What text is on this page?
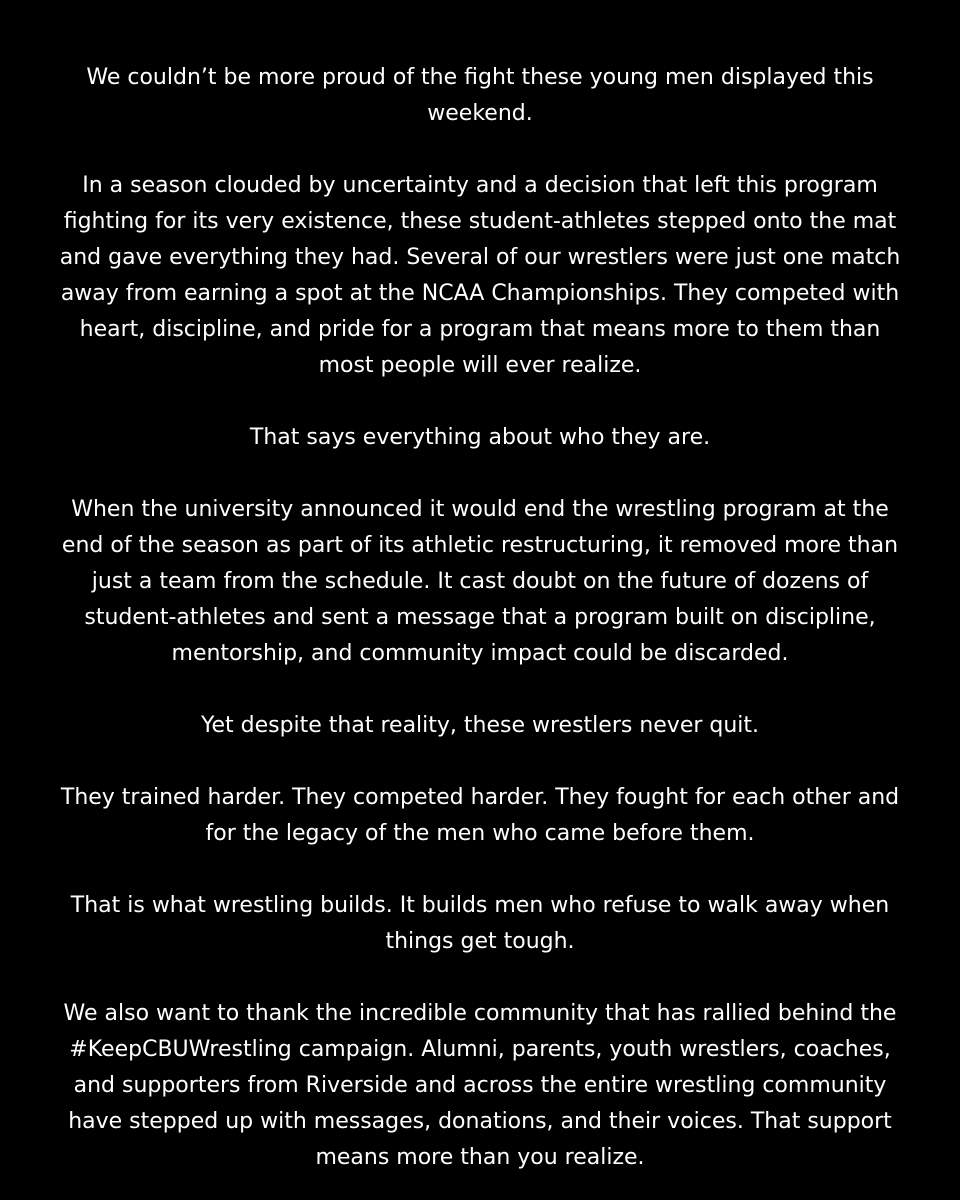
We couldn’t be more proud of the fight these young men displayed this weekend.

In a season clouded by uncertainty and a decision that left this program fighting for its very existence, these student-athletes stepped onto the mat and gave everything they had. Several of our wrestlers were just one match away from earning a spot at the NCAA Championships. They competed with heart, discipline, and pride for a program that means more to them than most people will ever realize.

That says everything about who they are.

When the university announced it would end the wrestling program at the end of the season as part of its athletic restructuring, it removed more than just a team from the schedule. It cast doubt on the future of dozens of student-athletes and sent a message that a program built on discipline, mentorship, and community impact could be discarded.

Yet despite that reality, these wrestlers never quit.

They trained harder. They competed harder. They fought for each other and for the legacy of the men who came before them.

That is what wrestling builds. It builds men who refuse to walk away when things get tough.

We also want to thank the incredible community that has rallied behind the #KeepCBUWrestling campaign. Alumni, parents, youth wrestlers, coaches, and supporters from Riverside and across the entire wrestling community have stepped up with messages, donations, and their voices. That support means more than you realize.
